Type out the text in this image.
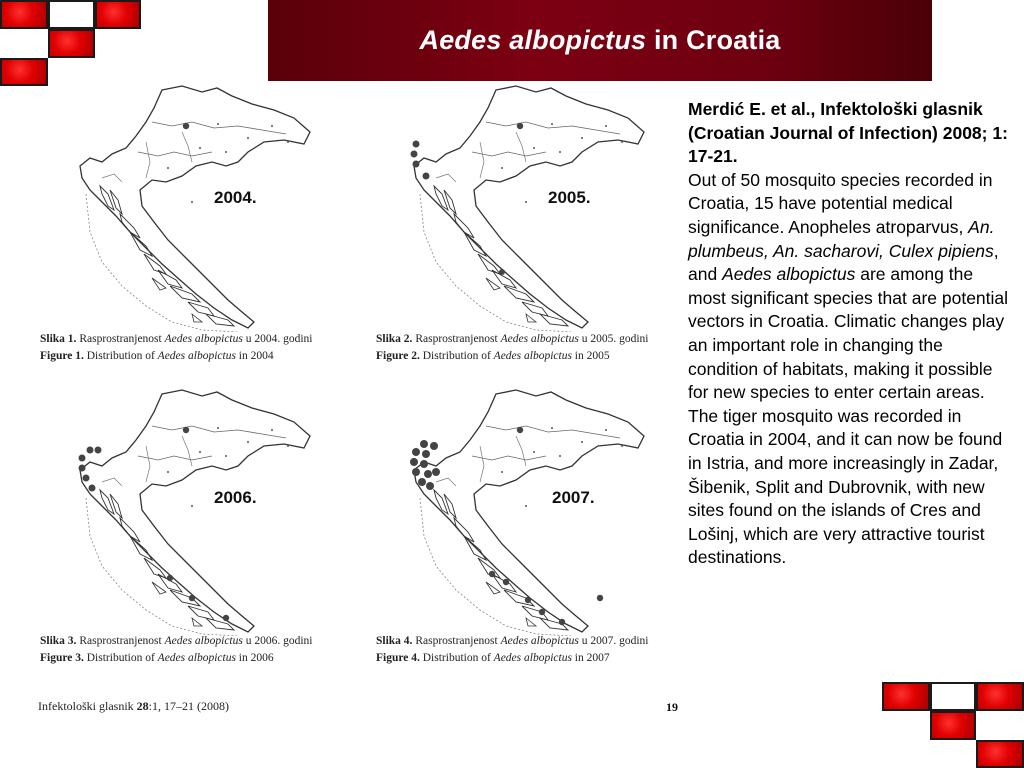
Aedes albopictus in Croatia
2004.
Slika 1. Rasprostranjenost Aedes albopictus u 2004. godini
Figure 1. Distribution of Aedes albopictus in 2004
2005.
Slika 2. Rasprostranjenost Aedes albopictus u 2005. godini
Figure 2. Distribution of Aedes albopictus in 2005
2006.
Slika 3. Rasprostranjenost Aedes albopictus u 2006. godini
Figure 3. Distribution of Aedes albopictus in 2006
2007.
Slika 4. Rasprostranjenost Aedes albopictus u 2007. godini
Figure 4. Distribution of Aedes albopictus in 2007
Infektološki glasnik 28:1, 17–21 (2008)	19
Merdić E. et al., Infektološki glasnik (Croatian Journal of Infection) 2008; 1: 17-21.
Out of 50 mosquito species recorded in Croatia, 15 have potential medical significance. Anopheles atroparvus, An. plumbeus, An. sacharovi, Culex pipiens, and Aedes albopictus are among the most significant species that are potential vectors in Croatia. Climatic changes play an important role in changing the condition of habitats, making it possible for new species to enter certain areas. The tiger mosquito was recorded in Croatia in 2004, and it can now be found in Istria, and more increasingly in Zadar, Šibenik, Split and Dubrovnik, with new sites found on the islands of Cres and Lošinj, which are very attractive tourist destinations.
